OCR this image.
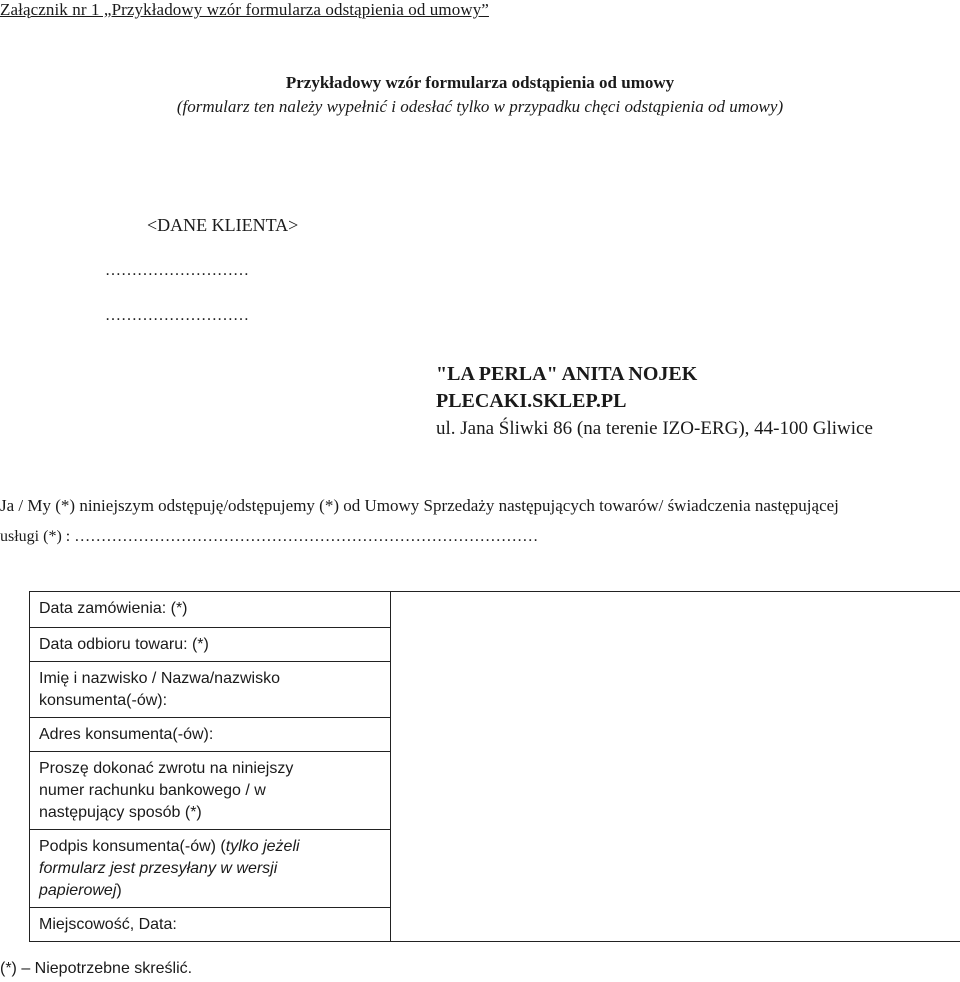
Załącznik nr 1 „Przykładowy wzór formularza odstąpienia od umowy”
Przykładowy wzór formularza odstąpienia od umowy
(formularz ten należy wypełnić i odesłać tylko w przypadku chęci odstąpienia od umowy)
<DANE KLIENTA>
………………………
………………………
"LA PERLA" ANITA NOJEK
PLECAKI.SKLEP.PL
ul. Jana Śliwki 86 (na terenie IZO-ERG), 44-100 Gliwice
Ja / My (*) niniejszym odstępuję/odstępujemy (*) od Umowy Sprzedaży następujących towarów/ świadczenia następującej
usługi (*) : ……………………………………………………………………………
Data zamówienia: (*)	
Data odbioru towaru: (*)

Imię i nazwisko / Nazwa/nazwisko
konsumenta(-ów):

Adres konsumenta(-ów):

Proszę dokonać zwrotu na niniejszy
numer rachunku bankowego / w
następujący sposób (*)

Podpis konsumenta(-ów) (tylko jeżeli
formularz jest przesyłany w wersji
papierowej)

Miejscowość, Data:
(*) – Niepotrzebne skreślić.
